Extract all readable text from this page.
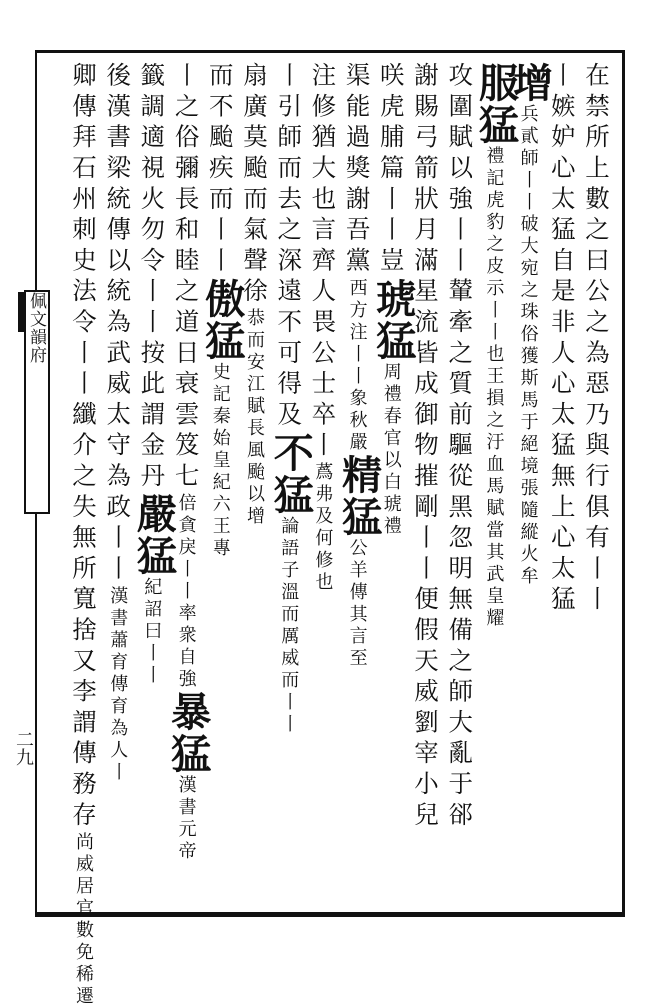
在禁所上數之曰公之為惡乃與行俱有丨丨
丨嫉妒心太猛自是非人心太猛無上心太猛
增
兵貳師丨丨破大宛之珠俗獲斯馬于絕境張隨縱火牟
服猛
禮記虎豹之皮示丨丨也王損之汙血馬賦當其武皇耀
攻圍賦以強丨丨輦牽之質前驅從黑忽明無備之師大亂于郤
謝賜弓箭狀月滿星流皆成御物摧剛丨丨便假天威劉宰小兒
咲虎脯篇丨丨豈
琥猛
周禮春官以白琥禮
渠能過獎謝吾黨
西方注丨丨象秋嚴
精猛
公羊傳其言至
注修猶大也言齊人畏公士卒丨
蔿弗及何修也
丨引師而去之深遠不可得及
不猛
論語子溫而厲威而丨丨
扇廣莫颱而氣聲徐
恭而安江賦長風颱以增
而不颱疾而丨丨
傲猛
史記秦始皇紀六王專
丨之俗彌長和睦之道日衰雲笈七
倍貪戾丨丨率衆自強
暴猛
漢書元帝
籤調適視火勿令丨丨按此謂金丹
嚴猛
紀詔曰丨丨
後漢書梁統傳以統為武威太守為政丨丨
漢書蕭育傳育為人丨
卿傳拜石州刺史法令丨丨纖介之失無所寬捨又李謂傳務存
尚威居官數免稀遷
佩文韻府
二九
